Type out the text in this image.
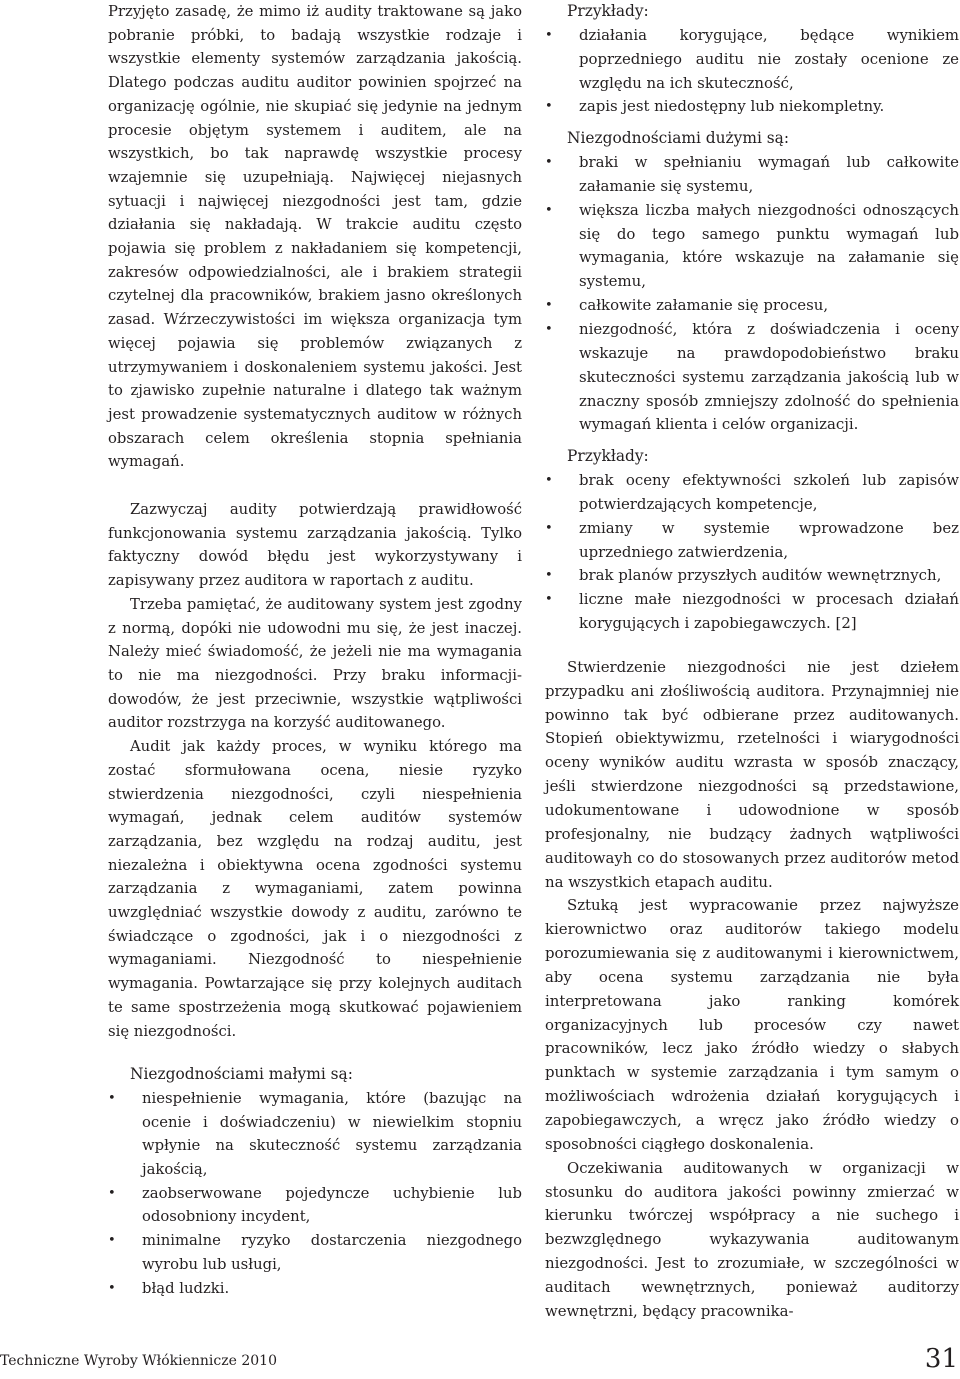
Przyjęto zasadę, że mimo iż audity traktowane są jako pobranie próbki, to badają wszystkie rodzaje i wszystkie elementy systemów zarządzania jakością. Dlatego podczas auditu auditor powinien spojrzeć na organizację ogólnie, nie skupiać się jedynie na jednym procesie objętym systemem i auditem, ale na wszystkich, bo tak naprawdę wszystkie procesy wzajemnie się uzupełniają. Najwięcej niejasnych sytuacji i najwięcej niezgodności jest tam, gdzie działania się nakładają. W trakcie auditu często pojawia się problem z nakładaniem się kompetencji, zakresów odpowiedzialności, ale i brakiem strategii czytelnej dla pracowników, brakiem jasno określonych zasad. Wźrzeczywistości im większa organizacja tym więcej pojawia się problemów związanych z utrzymywaniem i doskonaleniem systemu jakości. Jest to zjawisko zupełnie naturalne i dlatego tak ważnym jest prowadzenie systematycznych auditow w różnych obszarach celem określenia stopnia spełniania wymagań.

Zazwyczaj audity potwierdzają prawidłowość funkcjonowania systemu zarządzania jakością. Tylko faktyczny dowód błędu jest wykorzystywany i zapisywany przez auditora w raportach z auditu.

Trzeba pamiętać, że auditowany system jest zgodny z normą, dopóki nie udowodni mu się, że jest inaczej. Należy mieć świadomość, że jeżeli nie ma wymagania to nie ma niezgodności. Przy braku informacji-dowodów, że jest przeciwnie, wszystkie wątpliwości auditor rozstrzyga na korzyść auditowanego.

Audit jak każdy proces, w wyniku którego ma zostać sformułowana ocena, niesie ryzyko stwierdzenia niezgodności, czyli niespełnienia wymagań, jednak celem auditów systemów zarządzania, bez względu na rodzaj auditu, jest niezależna i obiektywna ocena zgodności systemu zarządzania z wymaganiami, zatem powinna uwzględniać wszystkie dowody z auditu, zarówno te świadczące o zgodności, jak i o niezgodności z wymaganiami. Niezgodność to niespełnienie wymagania. Powtarzające się przy kolejnych auditach te same spostrzeżenia mogą skutkować pojawieniem się niezgodności.

Niezgodnościami małymi są:

• niespełnienie wymagania, które (bazując na ocenie i doświadczeniu) w niewielkim stopniu wpłynie na skuteczność systemu zarządzania jakością,
• zaobserwowane pojedyncze uchybienie lub odosobniony incydent,
• minimalne ryzyko dostarczenia niezgodnego wyrobu lub usługi,
• błąd ludzki.

Przykłady:

• działania korygujące, będące wynikiem poprzedniego auditu nie zostały ocenione ze względu na ich skuteczność,
• zapis jest niedostępny lub niekompletny.

Niezgodnościami dużymi są:

• braki w spełnianiu wymagań lub całkowite załamanie się systemu,
• większa liczba małych niezgodności odnoszących się do tego samego punktu wymagań lub wymagania, które wskazuje na załamanie się systemu,
• całkowite załamanie się procesu,
• niezgodność, która z doświadczenia i oceny wskazuje na prawdopodobieństwo braku skuteczności systemu zarządzania jakością lub w znaczny sposób zmniejszy zdolność do spełnienia wymagań klienta i celów organizacji.

Przykłady:

• brak oceny efektywności szkoleń lub zapisów potwierdzających kompetencje,
• zmiany w systemie wprowadzone bez uprzedniego zatwierdzenia,
• brak planów przyszłych auditów wewnętrznych,
• liczne małe niezgodności w procesach działań korygujących i zapobiegawczych. [2]

Stwierdzenie niezgodności nie jest dziełem przypadku ani złośliwością auditora. Przynajmniej nie powinno tak być odbierane przez auditowanych. Stopień obiektywizmu, rzetelności i wiarygodności oceny wyników auditu wzrasta w sposób znaczący, jeśli stwierdzone niezgodności są przedstawione, udokumentowane i udowodnione w sposób profesjonalny, nie budzący żadnych wątpliwości auditowayh co do stosowanych przez auditorów metod na wszystkich etapach auditu.

Sztuką jest wypracowanie przez najwyższe kierownictwo oraz auditorów takiego modelu porozumiewania się z auditowanymi i kierownictwem, aby ocena systemu zarządzania nie była interpretowana jako ranking komórek organizacyjnych lub procesów czy nawet pracowników, lecz jako źródło wiedzy o słabych punktach w systemie zarządzania i tym samym o możliwościach wdrożenia działań korygujących i zapobiegawczych, a wręcz jako źródło wiedzy o sposobności ciągłego doskonalenia.

Oczekiwania auditowanych w organizacji w stosunku do auditora jakości powinny zmierzać w kierunku twórczej współpracy a nie suchego i bezwzględnego wykazywania auditowanym niezgodności. Jest to zrozumiałe, w szczególności w auditach wewnętrznych, ponieważ auditorzy wewnętrzni, będący pracownika-

Techniczne Wyroby Włókiennicze 2010	31
